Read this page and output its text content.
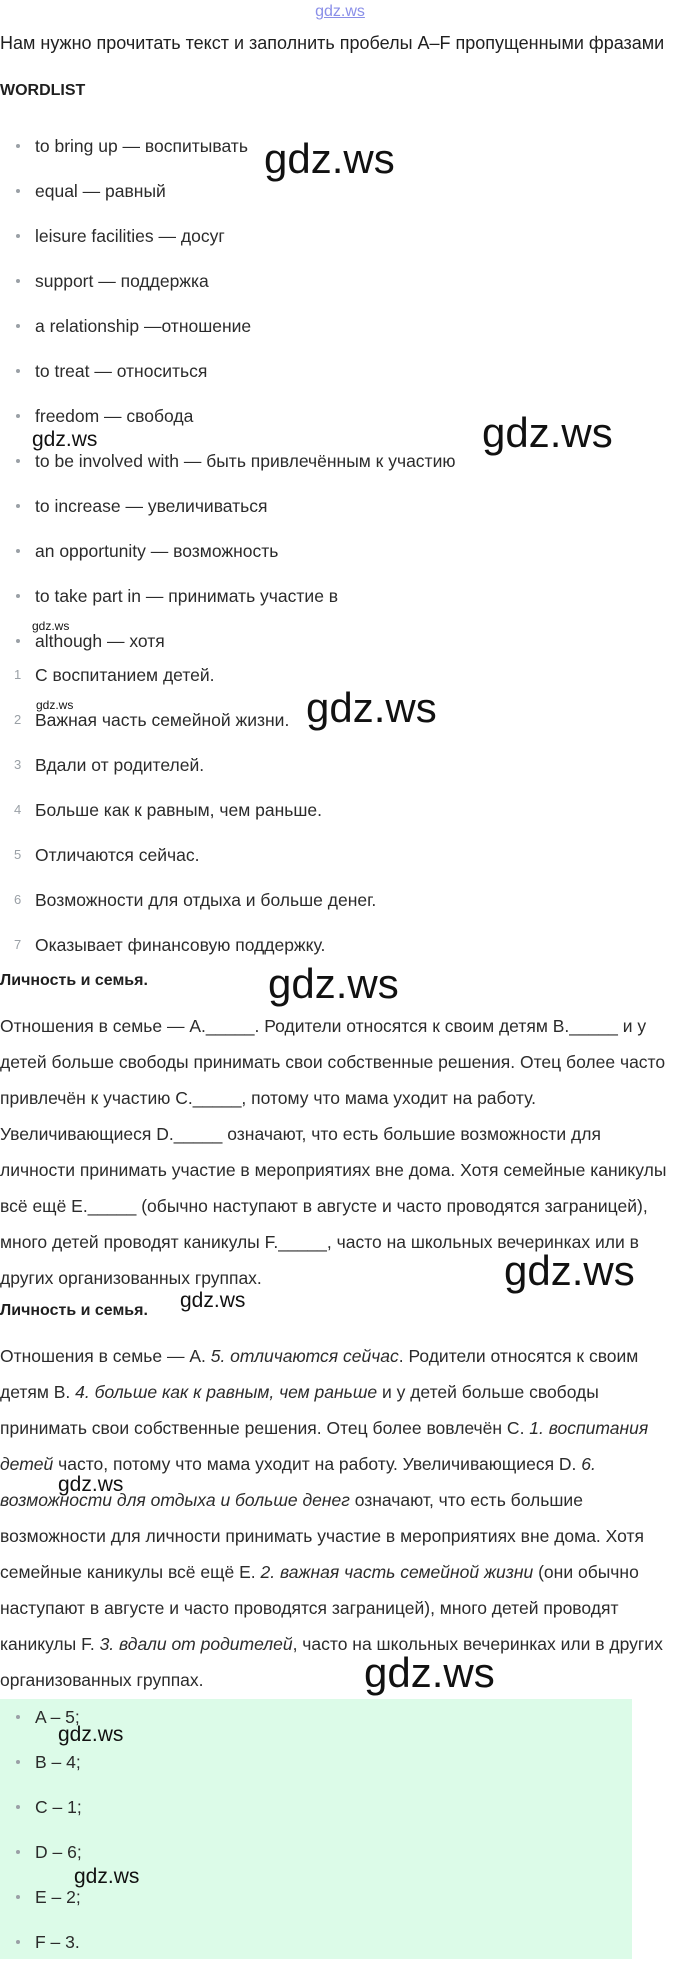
gdz.ws
Нам нужно прочитать текст и заполнить пробелы A–F пропущенными фразами
WORDLIST
to bring up — воспитывать
equal — равный
leisure facilities — досуг
support — поддержка
a relationship —отношение
to treat — относиться
freedom — свобода
to be involved with — быть привлечённым к участию
to increase — увеличиваться
an opportunity — возможность
to take part in — принимать участие в
although — хотя
1 С воспитанием детей.
2 Важная часть семейной жизни.
3 Вдали от родителей.
4 Больше как к равным, чем раньше.
5 Отличаются сейчас.
6 Возможности для отдыха и больше денег.
7 Оказывает финансовую поддержку.
Личность и семья.
Отношения в семье — A._____. Родители относятся к своим детям B._____ и у детей больше свободы принимать свои собственные решения. Отец более часто привлечён к участию C._____, потому что мама уходит на работу. Увеличивающиеся D._____ означают, что есть большие возможности для личности принимать участие в мероприятиях вне дома. Хотя семейные каникулы всё ещё E._____ (обычно наступают в августе и часто проводятся заграницей), много детей проводят каникулы F._____, часто на школьных вечеринках или в других организованных группах.
Личность и семья.
Отношения в семье — A. 5. отличаются сейчас. Родители относятся к своим детям B. 4. больше как к равным, чем раньше и у детей больше свободы принимать свои собственные решения. Отец более вовлечён C. 1. воспитания детей часто, потому что мама уходит на работу. Увеличивающиеся D. 6. возможности для отдыха и больше денег означают, что есть большие возможности для личности принимать участие в мероприятиях вне дома. Хотя семейные каникулы всё ещё E. 2. важная часть семейной жизни (они обычно наступают в августе и часто проводятся заграницей), много детей проводят каникулы F. 3. вдали от родителей, часто на школьных вечеринках или в других организованных группах.
A – 5;
B – 4;
C – 1;
D – 6;
E – 2;
F – 3.
gdz.ws
gdz.ws	gdz.ws
gdz.ws
gdz.ws	gdz.ws
gdz.ws
gdz.ws
gdz.ws
gdz.ws
gdz.ws
gdz.ws
gdz.ws
